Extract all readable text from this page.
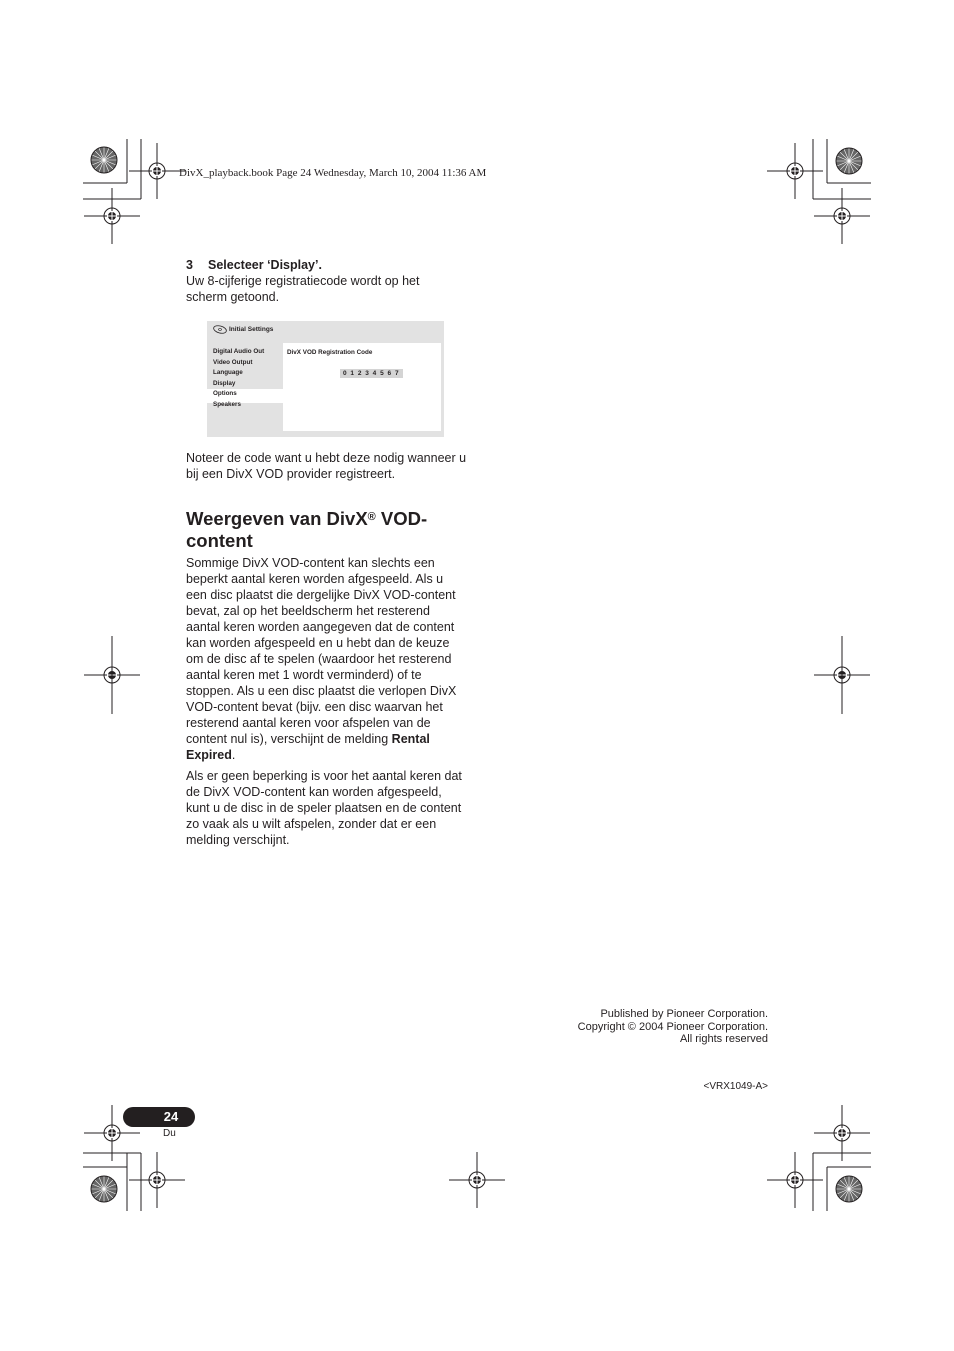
DivX_playback.book Page 24 Wednesday, March 10, 2004 11:36 AM
3 Selecteer ‘Display’.

Uw 8-cijferige registratiecode wordt op het scherm getoond.

Initial Settings
Digital Audio Out
Video Output
Language
Display
Options
Speakers
DivX VOD Registration Code
0 1 2 3 4 5 6 7

Noteer de code want u hebt deze nodig wanneer u bij een DivX VOD provider registreert.

Weergeven van DivX® VOD-content

Sommige DivX VOD-content kan slechts een beperkt aantal keren worden afgespeeld. Als u een disc plaatst die dergelijke DivX VOD-content bevat, zal op het beeldscherm het resterend aantal keren worden aangegeven dat de content kan worden afgespeeld en u hebt dan de keuze om de disc af te spelen (waardoor het resterend aantal keren met 1 wordt verminderd) of te stoppen. Als u een disc plaatst die verlopen DivX VOD-content bevat (bijv. een disc waarvan het resterend aantal keren voor afspelen van de content nul is), verschijnt de melding Rental Expired.

Als er geen beperking is voor het aantal keren dat de DivX VOD-content kan worden afgespeeld, kunt u de disc in de speler plaatsen en de content zo vaak als u wilt afspelen, zonder dat er een melding verschijnt.

Published by Pioneer Corporation.
Copyright © 2004 Pioneer Corporation.
All rights reserved
<VRX1049-A>
24
Du
